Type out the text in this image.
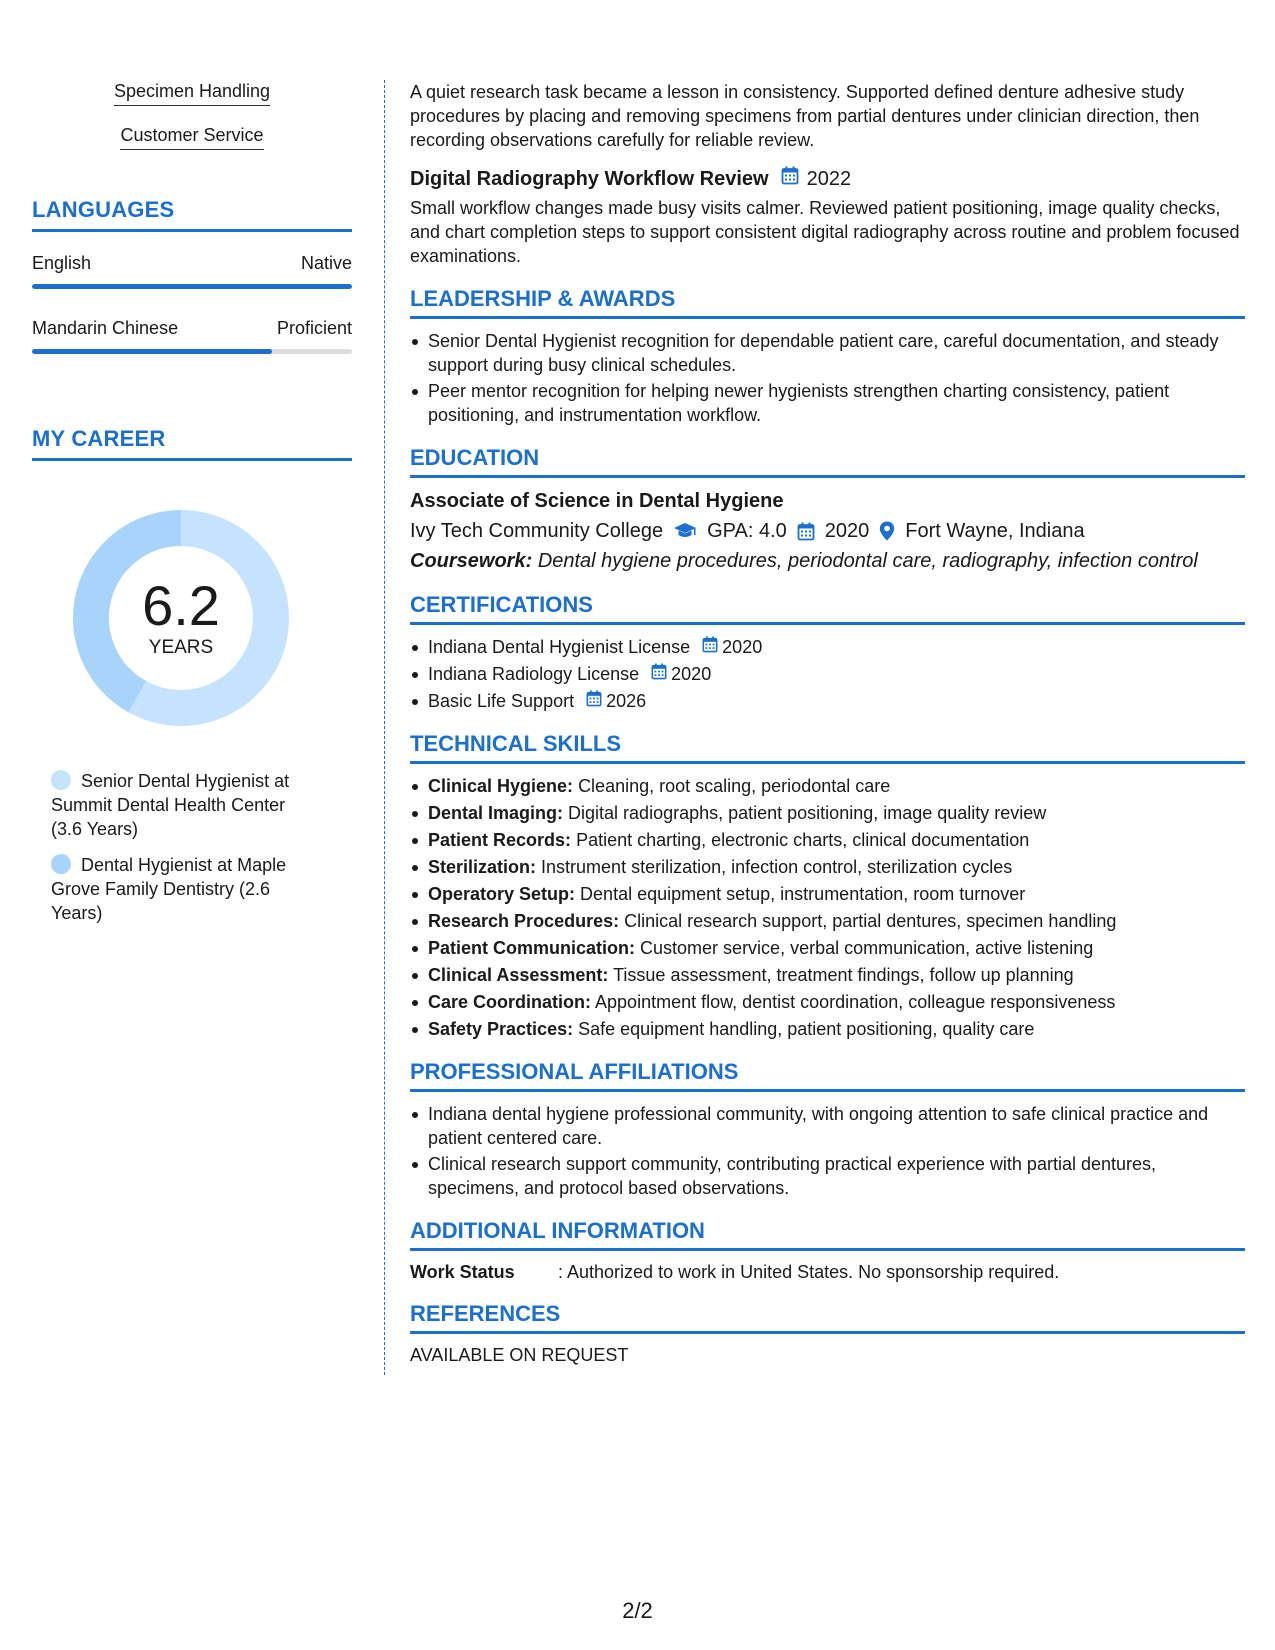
Specimen Handling
Customer Service
LANGUAGES
English	Native
Mandarin Chinese	Proficient
MY CAREER
6.2
YEARS
Senior Dental Hygienist at Summit Dental Health Center (3.6 Years)
Dental Hygienist at Maple Grove Family Dentistry (2.6 Years)
A quiet research task became a lesson in consistency. Supported defined denture adhesive study procedures by placing and removing specimens from partial dentures under clinician direction, then recording observations carefully for reliable review.
Digital Radiography Workflow Review 2022
Small workflow changes made busy visits calmer. Reviewed patient positioning, image quality checks, and chart completion steps to support consistent digital radiography across routine and problem focused examinations.
LEADERSHIP & AWARDS
Senior Dental Hygienist recognition for dependable patient care, careful documentation, and steady support during busy clinical schedules.
Peer mentor recognition for helping newer hygienists strengthen charting consistency, patient positioning, and instrumentation workflow.
EDUCATION
Associate of Science in Dental Hygiene
Ivy Tech Community College GPA: 4.0 2020 Fort Wayne, Indiana
Coursework: Dental hygiene procedures, periodontal care, radiography, infection control
CERTIFICATIONS
Indiana Dental Hygienist License 2020
Indiana Radiology License 2020
Basic Life Support 2026
TECHNICAL SKILLS
Clinical Hygiene: Cleaning, root scaling, periodontal care
Dental Imaging: Digital radiographs, patient positioning, image quality review
Patient Records: Patient charting, electronic charts, clinical documentation
Sterilization: Instrument sterilization, infection control, sterilization cycles
Operatory Setup: Dental equipment setup, instrumentation, room turnover
Research Procedures: Clinical research support, partial dentures, specimen handling
Patient Communication: Customer service, verbal communication, active listening
Clinical Assessment: Tissue assessment, treatment findings, follow up planning
Care Coordination: Appointment flow, dentist coordination, colleague responsiveness
Safety Practices: Safe equipment handling, patient positioning, quality care
PROFESSIONAL AFFILIATIONS
Indiana dental hygiene professional community, with ongoing attention to safe clinical practice and patient centered care.
Clinical research support community, contributing practical experience with partial dentures, specimens, and protocol based observations.
ADDITIONAL INFORMATION
Work Status	: Authorized to work in United States. No sponsorship required.
REFERENCES
AVAILABLE ON REQUEST
2/2
